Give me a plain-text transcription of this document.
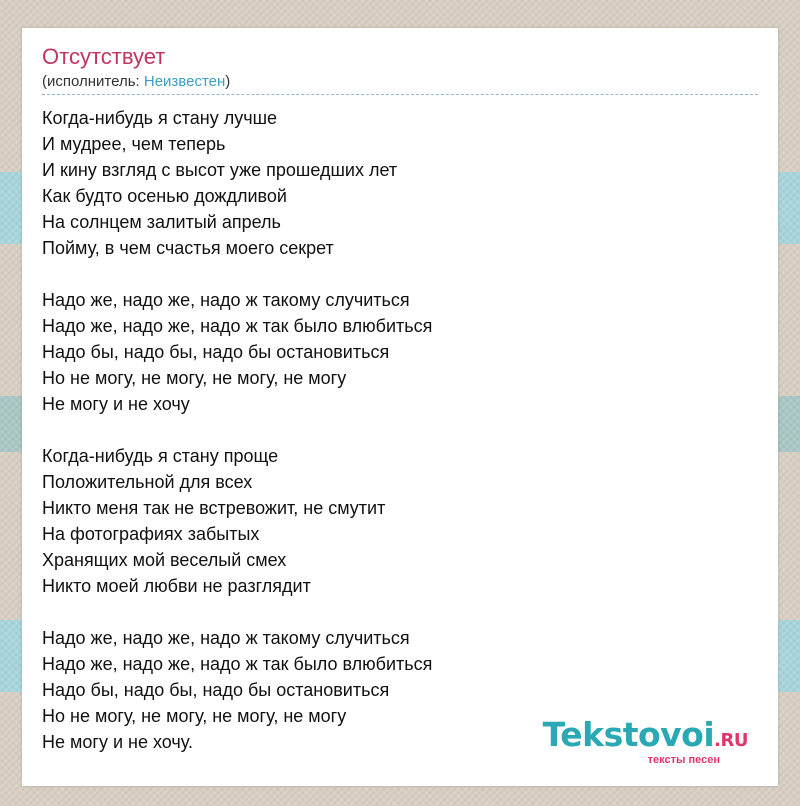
Отсутствует
(исполнитель: Неизвестен)
Когда-нибудь я стану лучше
И мудрее, чем теперь
И кину взгляд с высот уже прошедших лет
Как будто осенью дождливой
На солнцем залитый апрель
Пойму, в чем счастья моего секрет
Надо же, надо же, надо ж такому случиться
Надо же, надо же, надо ж так было влюбиться
Надо бы, надо бы, надо бы остановиться
Но не могу, не могу, не могу, не могу
Не могу и не хочу
Когда-нибудь я стану проще
Положительной для всех
Никто меня так не встревожит, не смутит
На фотографиях забытых
Хранящих мой веселый смех
Никто моей любви не разглядит
Надо же, надо же, надо ж такому случиться
Надо же, надо же, надо ж так было влюбиться
Надо бы, надо бы, надо бы остановиться
Но не могу, не могу, не могу, не могу
Не могу и не хочу.	Tekstovoi.RU
тексты песен
